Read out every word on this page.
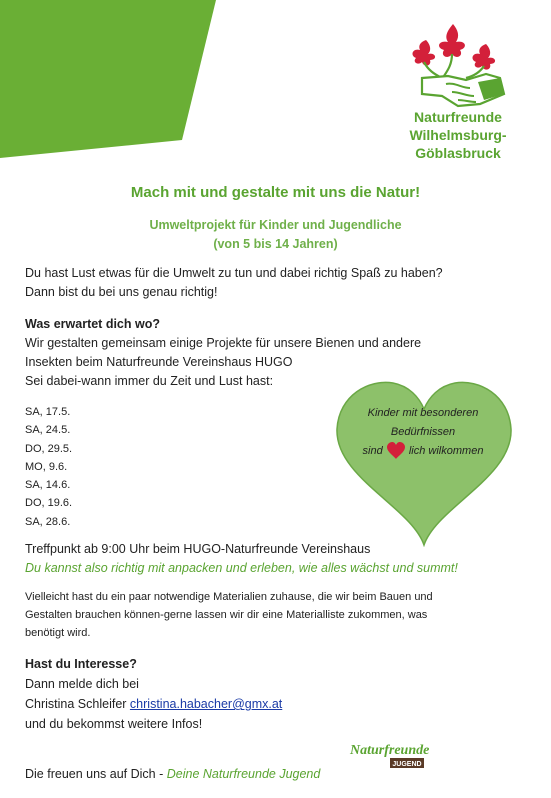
Naturfreunde
Wilhelmsburg-
Göblasbruck
Mach mit und gestalte mit uns die Natur!
Umweltprojekt für Kinder und Jugendliche
(von 5 bis 14 Jahren)
Du hast Lust etwas für die Umwelt zu tun und dabei richtig Spaß zu haben?
Dann bist du bei uns genau richtig!
Was erwartet dich wo?
Wir gestalten gemeinsam einige Projekte für unsere Bienen und andere
Insekten beim Naturfreunde Vereinshaus HUGO
Sei dabei-wann immer du Zeit und Lust hast:
SA, 17.5.
SA, 24.5.
DO, 29.5.
MO, 9.6.
SA, 14.6.
DO, 19.6.
SA, 28.6.
Kinder mit besonderen
Bedürfnissen
sind lich wilkommen
Treffpunkt ab 9:00 Uhr beim HUGO-Naturfreunde Vereinshaus
Du kannst also richtig mit anpacken und erleben, wie alles wächst und summt!
Vielleicht hast du ein paar notwendige Materialien zuhause, die wir beim Bauen und
Gestalten brauchen können-gerne lassen wir dir eine Materialliste zukommen, was
benötigt wird.
Hast du Interesse?
Dann melde dich bei
Christina Schleifer christina.habacher@gmx.at
und du bekommst weitere Infos!
Die freuen uns auf Dich - Deine Naturfreunde Jugend
Naturfreunde
JUGEND
